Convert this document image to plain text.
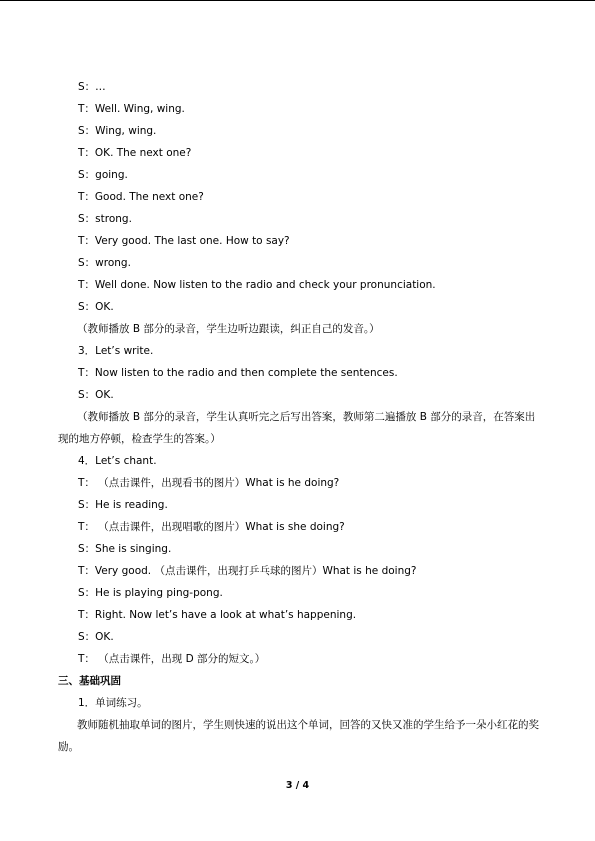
S：…
T：Well. Wing, wing.
S：Wing, wing.
T：OK. The next one?
S：going.
T：Good. The next one?
S：strong.
T：Very good. The last one. How to say?
S：wrong.
T：Well done. Now listen to the radio and check your pronunciation.
S：OK.
（教师播放 B 部分的录音，学生边听边跟读，纠正自己的发音。）
3．Let’s write.
T：Now listen to the radio and then complete the sentences.
S：OK.
（教师播放 B 部分的录音，学生认真听完之后写出答案，教师第二遍播放 B 部分的录音，在答案出现的地方停顿，检查学生的答案。）
4．Let’s chant.
T： （点击课件，出现看书的图片）What is he doing?
S：He is reading.
T： （点击课件，出现唱歌的图片）What is she doing?
S：She is singing.
T：Very good. （点击课件，出现打乒乓球的图片）What is he doing?
S：He is playing ping-pong.
T：Right. Now let’s have a look at what’s happening.
S：OK.
T： （点击课件，出现 D 部分的短文。）
三、基础巩固
1．单词练习。
教师随机抽取单词的图片，学生则快速的说出这个单词，回答的又快又准的学生给予一朵小红花的奖励。
3 / 4
